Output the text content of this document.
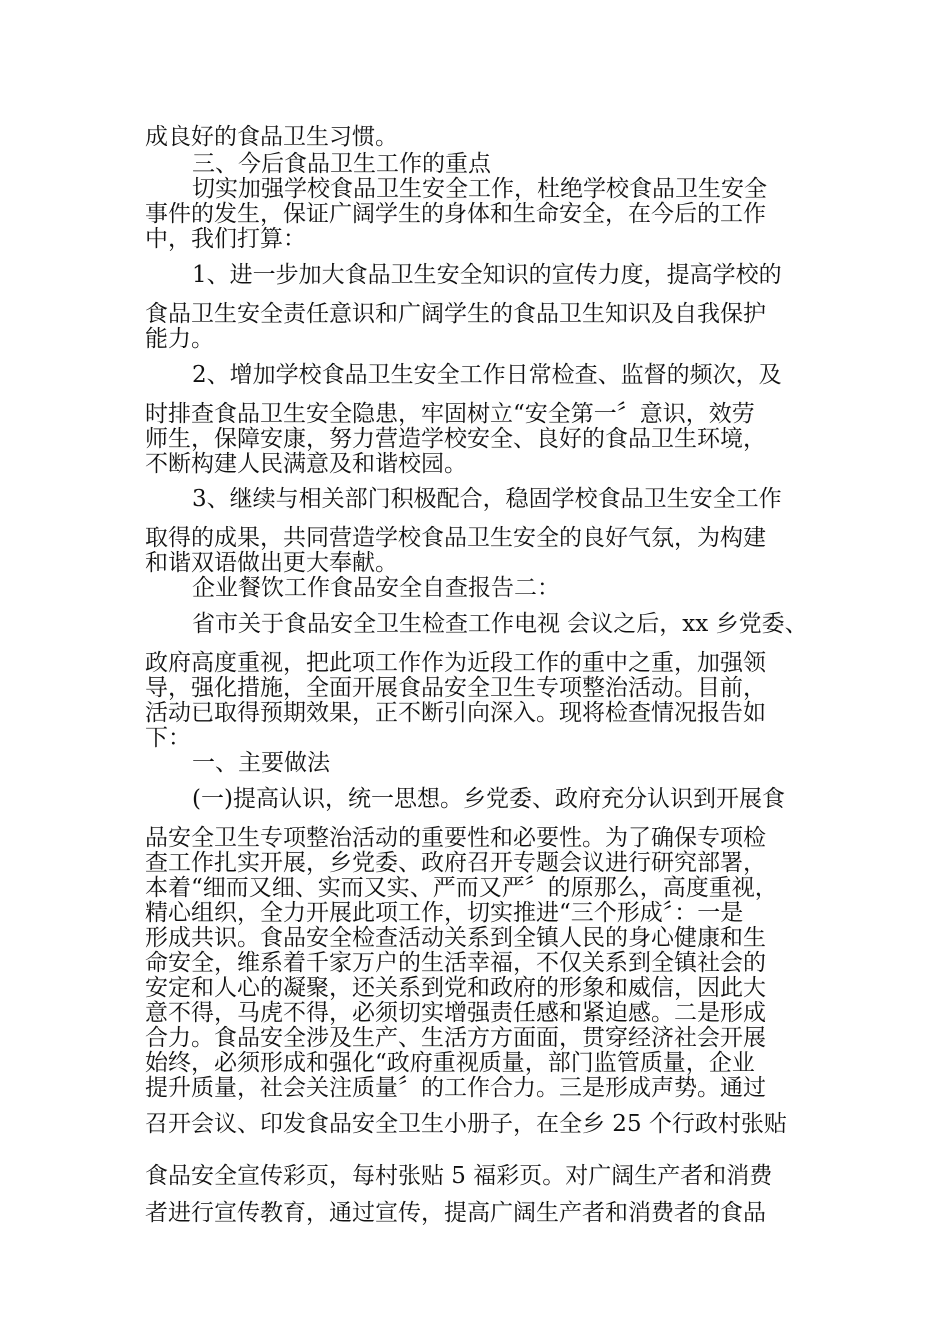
成良好的食品卫生习惯。
三、今后食品卫生工作的重点
切实加强学校食品卫生安全工作，杜绝学校食品卫生安全
事件的发生，保证广阔学生的身体和生命安全，在今后的工作
中，我们打算：
1、进一步加大食品卫生安全知识的宣传力度，提高学校的
食品卫生安全责任意识和广阔学生的食品卫生知识及自我保护
能力。
2、增加学校食品卫生安全工作日常检查、监督的频次，及
时排查食品卫生安全隐患，牢固树立“安全第一〞意识，效劳
师生，保障安康，努力营造学校安全、良好的食品卫生环境，
不断构建人民满意及和谐校园。
3、继续与相关部门积极配合，稳固学校食品卫生安全工作
取得的成果，共同营造学校食品卫生安全的良好气氛，为构建
和谐双语做出更大奉献。
企业餐饮工作食品安全自查报告二：
省市关于食品安全卫生检查工作电视 会议之后，xx 乡党委、
政府高度重视，把此项工作作为近段工作的重中之重，加强领
导，强化措施，全面开展食品安全卫生专项整治活动。目前，
活动已取得预期效果，正不断引向深入。现将检查情况报告如
下：
一、主要做法
(一)提高认识，统一思想。乡党委、政府充分认识到开展食
品安全卫生专项整治活动的重要性和必要性。为了确保专项检
查工作扎实开展，乡党委、政府召开专题会议进行研究部署，
本着“细而又细、实而又实、严而又严〞的原那么，高度重视，
精心组织，全力开展此项工作，切实推进“三个形成〞：一是
形成共识。食品安全检查活动关系到全镇人民的身心健康和生
命安全，维系着千家万户的生活幸福，不仅关系到全镇社会的
安定和人心的凝聚，还关系到党和政府的形象和威信，因此大
意不得，马虎不得，必须切实增强责任感和紧迫感。二是形成
合力。食品安全涉及生产、生活方方面面，贯穿经济社会开展
始终，必须形成和强化“政府重视质量，部门监管质量，企业
提升质量，社会关注质量〞的工作合力。三是形成声势。通过
召开会议、印发食品安全卫生小册子，在全乡 25 个行政村张贴
食品安全宣传彩页，每村张贴 5 福彩页。对广阔生产者和消费
者进行宣传教育，通过宣传，提高广阔生产者和消费者的食品
